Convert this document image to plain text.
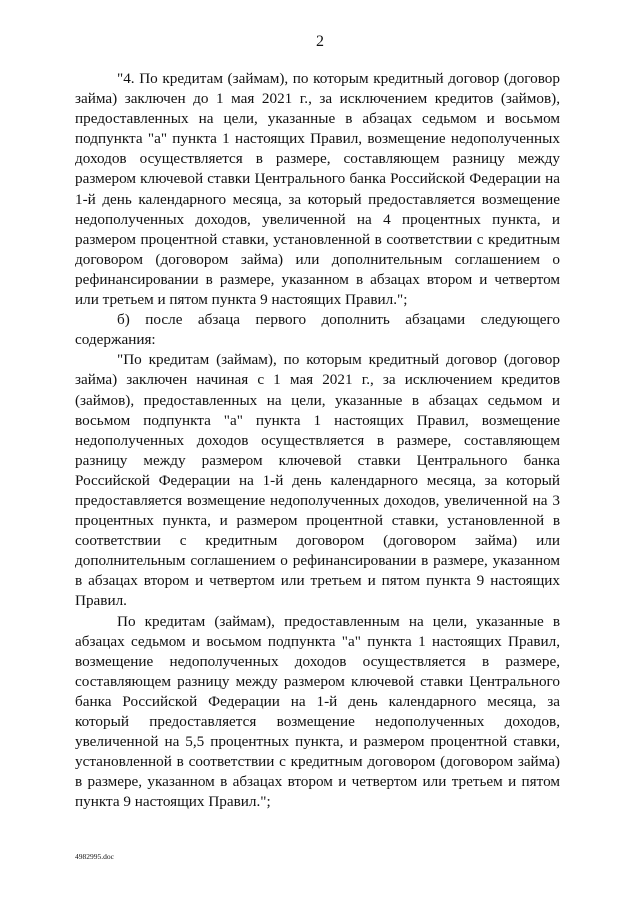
2

"4. По кредитам (займам), по которым кредитный договор (договор займа) заключен до 1 мая 2021 г., за исключением кредитов (займов), предоставленных на цели, указанные в абзацах седьмом и восьмом подпункта "а" пункта 1 настоящих Правил, возмещение недополученных доходов осуществляется в размере, составляющем разницу между размером ключевой ставки Центрального банка Российской Федерации на 1-й день календарного месяца, за который предоставляется возмещение недополученных доходов, увеличенной на 4 процентных пункта, и размером процентной ставки, установленной в соответствии с кредитным договором (договором займа) или дополнительным соглашением о рефинансировании в размере, указанном в абзацах втором и четвертом или третьем и пятом пункта 9 настоящих Правил.";

б) после абзаца первого дополнить абзацами следующего содержания:

"По кредитам (займам), по которым кредитный договор (договор займа) заключен начиная с 1 мая 2021 г., за исключением кредитов (займов), предоставленных на цели, указанные в абзацах седьмом и восьмом подпункта "а" пункта 1 настоящих Правил, возмещение недополученных доходов осуществляется в размере, составляющем разницу между размером ключевой ставки Центрального банка Российской Федерации на 1-й день календарного месяца, за который предоставляется возмещение недополученных доходов, увеличенной на 3 процентных пункта, и размером процентной ставки, установленной в соответствии с кредитным договором (договором займа) или дополнительным соглашением о рефинансировании в размере, указанном в абзацах втором и четвертом или третьем и пятом пункта 9 настоящих Правил.

По кредитам (займам), предоставленным на цели, указанные в абзацах седьмом и восьмом подпункта "а" пункта 1 настоящих Правил, возмещение недополученных доходов осуществляется в размере, составляющем разницу между размером ключевой ставки Центрального банка Российской Федерации на 1-й день календарного месяца, за который предоставляется возмещение недополученных доходов, увеличенной на 5,5 процентных пункта, и размером процентной ставки, установленной в соответствии с кредитным договором (договором займа) в размере, указанном в абзацах втором и четвертом или третьем и пятом пункта 9 настоящих Правил.";

4982995.doc
